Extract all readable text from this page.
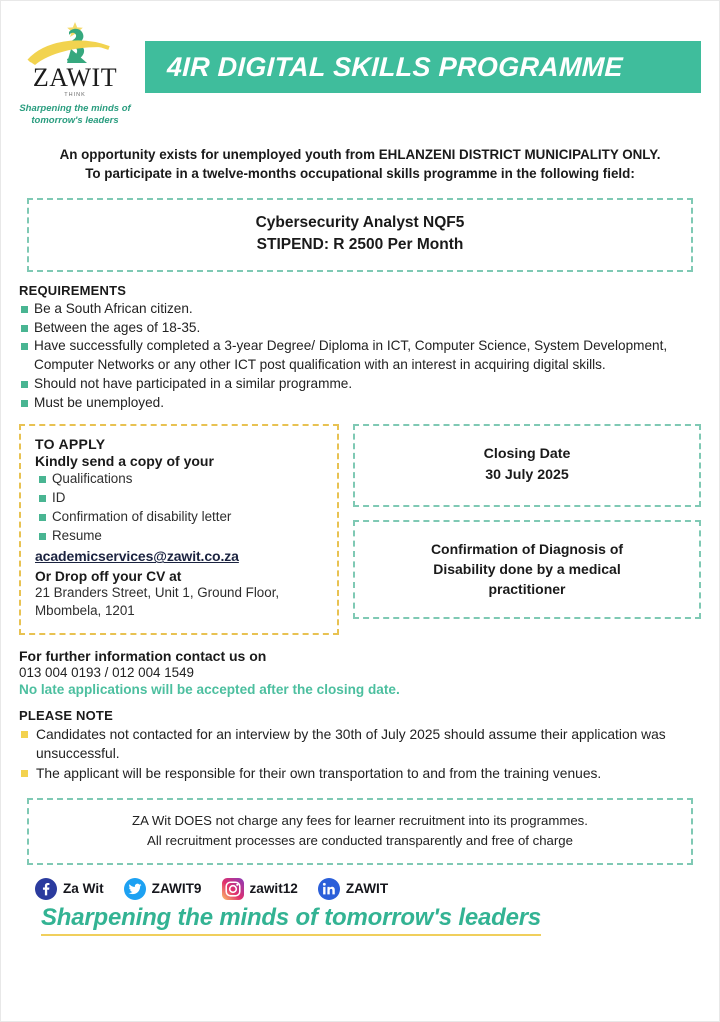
ZAWIT
THINK
Sharpening the minds of
tomorrow's leaders
4IR DIGITAL SKILLS PROGRAMME
An opportunity exists for unemployed youth from EHLANZENI DISTRICT MUNICIPALITY ONLY.
To participate in a twelve-months occupational skills programme in the following field:
Cybersecurity Analyst NQF5
STIPEND: R 2500 Per Month
REQUIREMENTS
Be a South African citizen.
Between the ages of 18-35.
Have successfully completed a 3-year Degree/ Diploma in ICT, Computer Science, System Development, Computer Networks or any other ICT post qualification with an interest in acquiring digital skills.
Should not have participated in a similar programme.
Must be unemployed.
TO APPLY
Kindly send a copy of your
Qualifications
ID
Confirmation of disability letter
Resume
academicservices@zawit.co.za
Or Drop off your CV at
21 Branders Street, Unit 1, Ground Floor,
Mbombela, 1201
Closing Date
30 July 2025
Confirmation of Diagnosis of
Disability done by a medical
practitioner
For further information contact us on
013 004 0193 / 012 004 1549
No late applications will be accepted after the closing date.
PLEASE NOTE
Candidates not contacted for an interview by the 30th of July 2025 should assume their application was unsuccessful.
The applicant will be responsible for their own transportation to and from the training venues.
ZA Wit DOES not charge any fees for learner recruitment into its programmes.
All recruitment processes are conducted transparently and free of charge
Za Wit	ZAWIT9	zawit12	ZAWIT
Sharpening the minds of tomorrow's leaders
